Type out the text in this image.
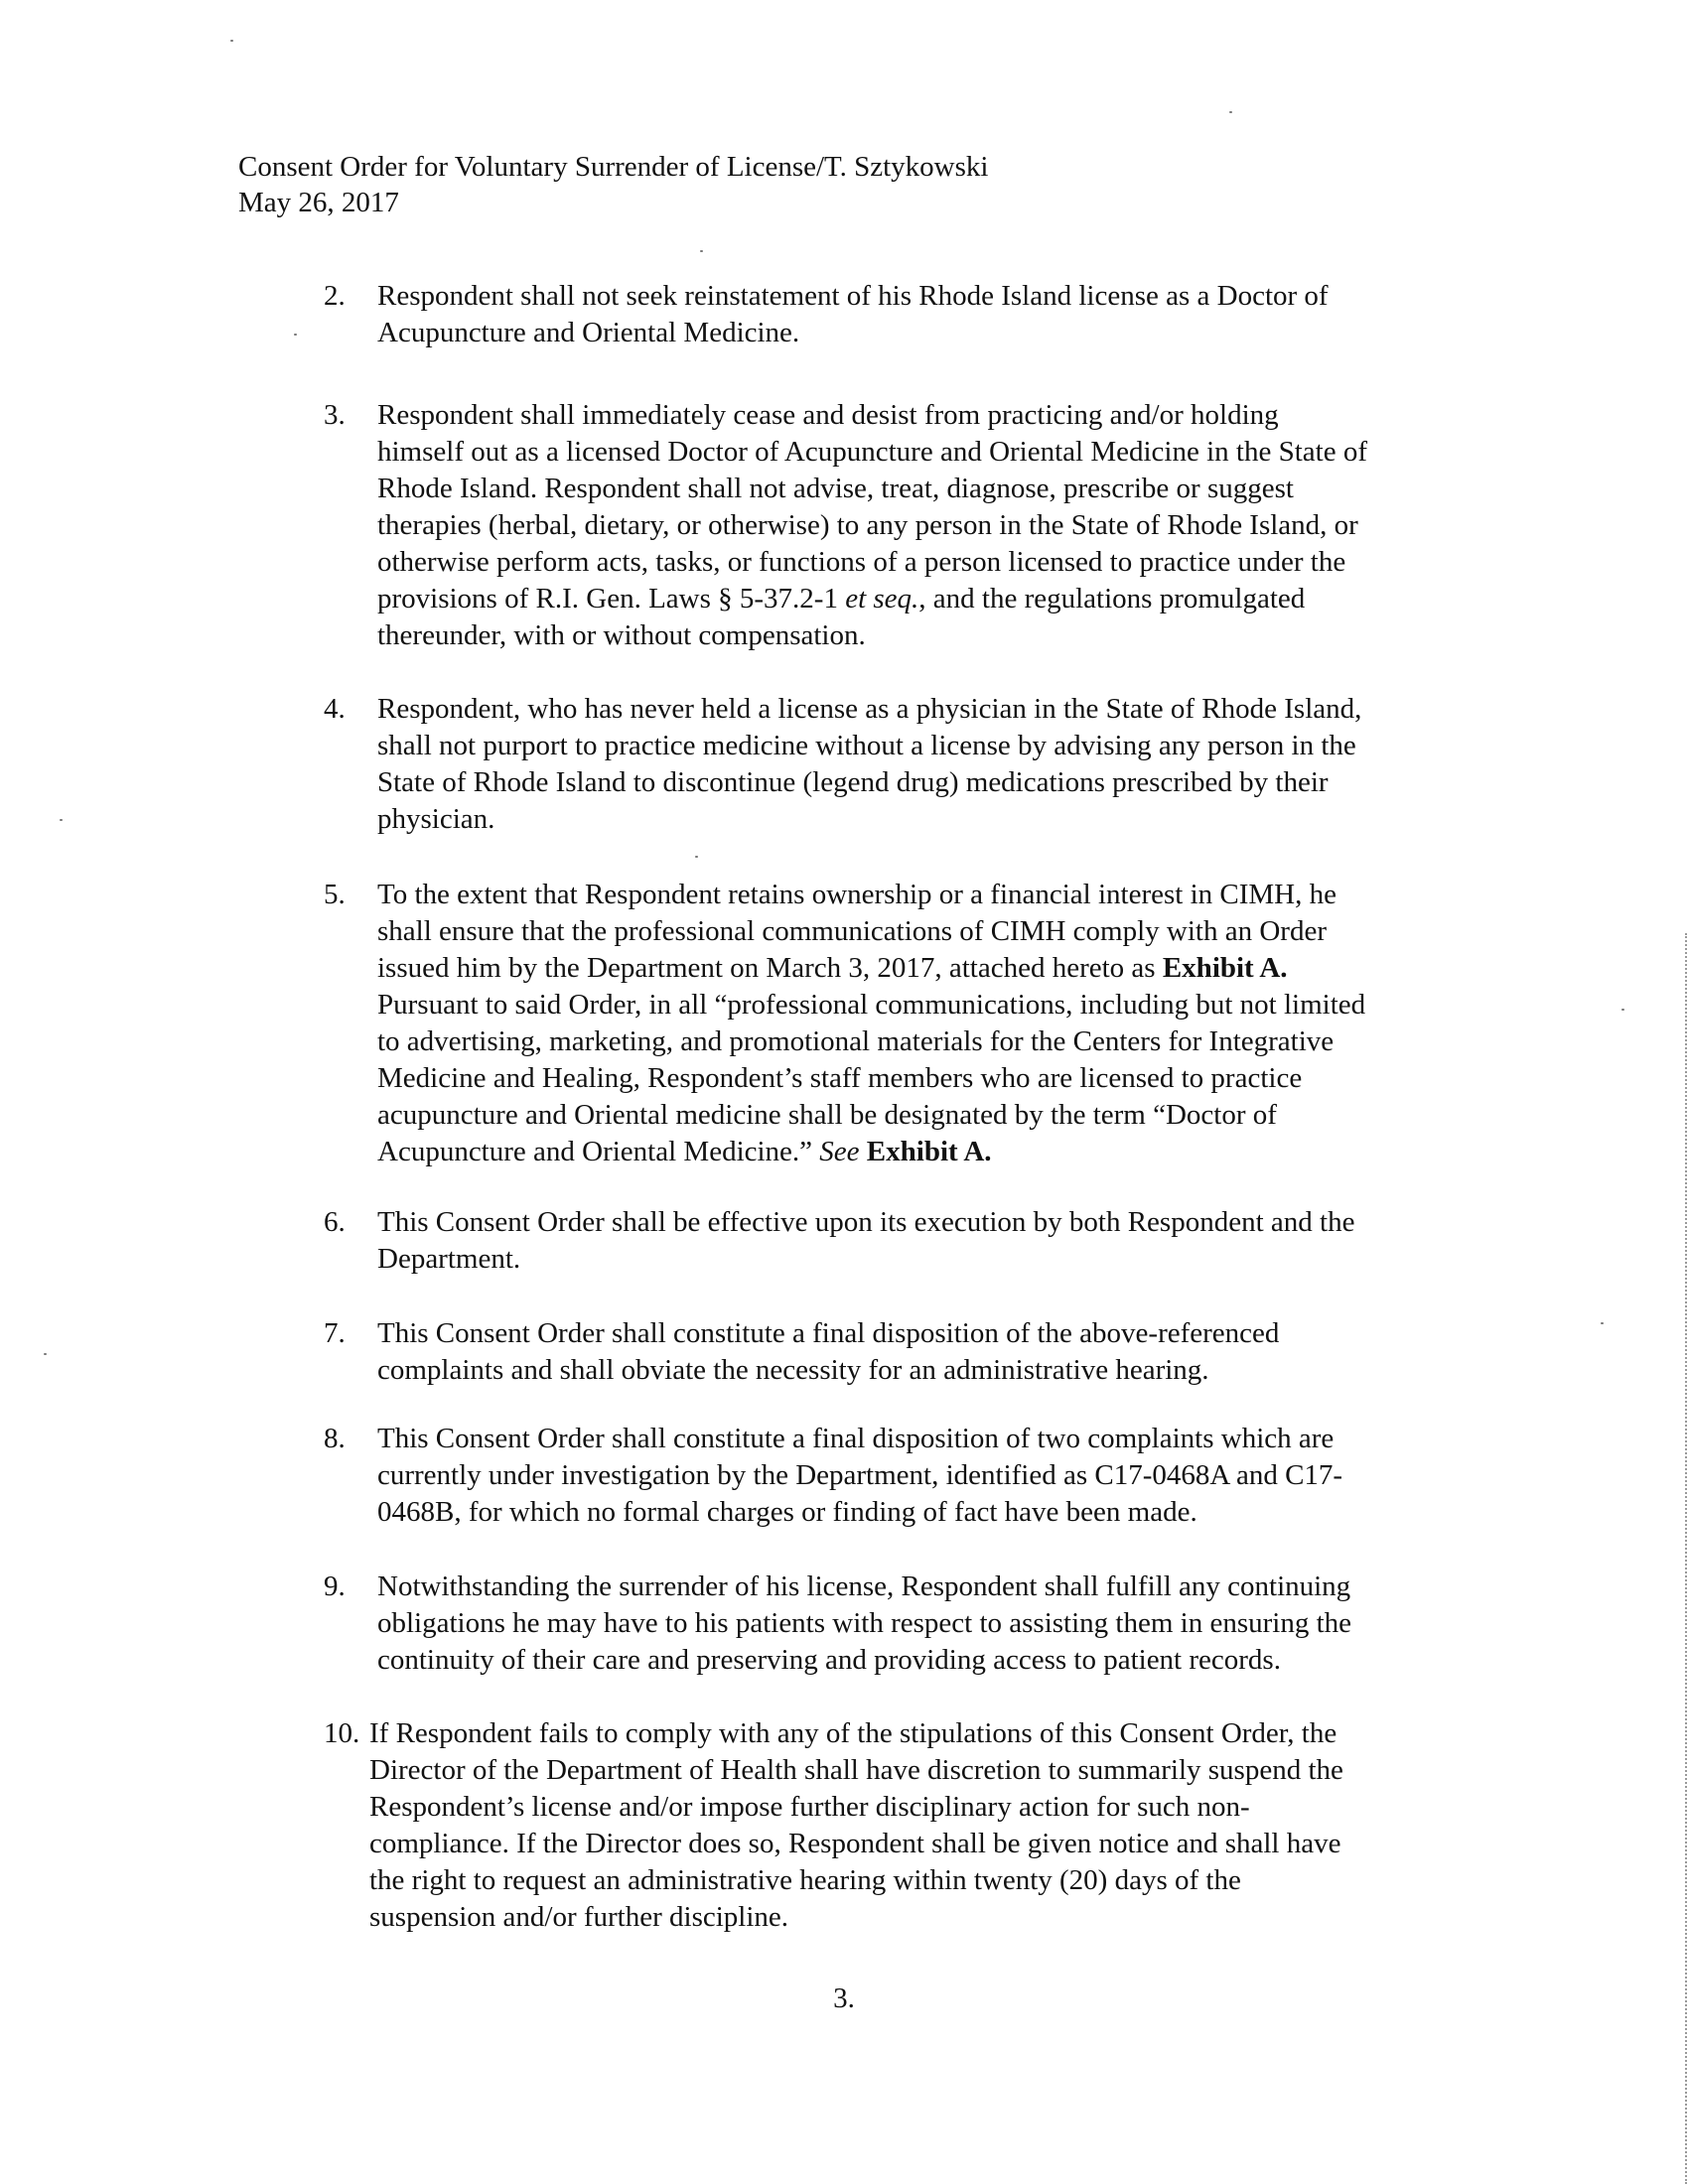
Consent Order for Voluntary Surrender of License/T. Sztykowski
May 26, 2017
2. Respondent shall not seek reinstatement of his Rhode Island license as a Doctor of
Acupuncture and Oriental Medicine.
3. Respondent shall immediately cease and desist from practicing and/or holding
himself out as a licensed Doctor of Acupuncture and Oriental Medicine in the State of
Rhode Island. Respondent shall not advise, treat, diagnose, prescribe or suggest
therapies (herbal, dietary, or otherwise) to any person in the State of Rhode Island, or
otherwise perform acts, tasks, or functions of a person licensed to practice under the
provisions of R.I. Gen. Laws § 5-37.2-1 et seq., and the regulations promulgated
thereunder, with or without compensation.
4. Respondent, who has never held a license as a physician in the State of Rhode Island,
shall not purport to practice medicine without a license by advising any person in the
State of Rhode Island to discontinue (legend drug) medications prescribed by their
physician.
5. To the extent that Respondent retains ownership or a financial interest in CIMH, he
shall ensure that the professional communications of CIMH comply with an Order
issued him by the Department on March 3, 2017, attached hereto as Exhibit A.
Pursuant to said Order, in all “professional communications, including but not limited
to advertising, marketing, and promotional materials for the Centers for Integrative
Medicine and Healing, Respondent’s staff members who are licensed to practice
acupuncture and Oriental medicine shall be designated by the term “Doctor of
Acupuncture and Oriental Medicine.” See Exhibit A.
6. This Consent Order shall be effective upon its execution by both Respondent and the
Department.
7. This Consent Order shall constitute a final disposition of the above-referenced
complaints and shall obviate the necessity for an administrative hearing.
8. This Consent Order shall constitute a final disposition of two complaints which are
currently under investigation by the Department, identified as C17-0468A and C17-
0468B, for which no formal charges or finding of fact have been made.
9. Notwithstanding the surrender of his license, Respondent shall fulfill any continuing
obligations he may have to his patients with respect to assisting them in ensuring the
continuity of their care and preserving and providing access to patient records.
10. If Respondent fails to comply with any of the stipulations of this Consent Order, the
Director of the Department of Health shall have discretion to summarily suspend the
Respondent’s license and/or impose further disciplinary action for such non-
compliance. If the Director does so, Respondent shall be given notice and shall have
the right to request an administrative hearing within twenty (20) days of the
suspension and/or further discipline.
3.
